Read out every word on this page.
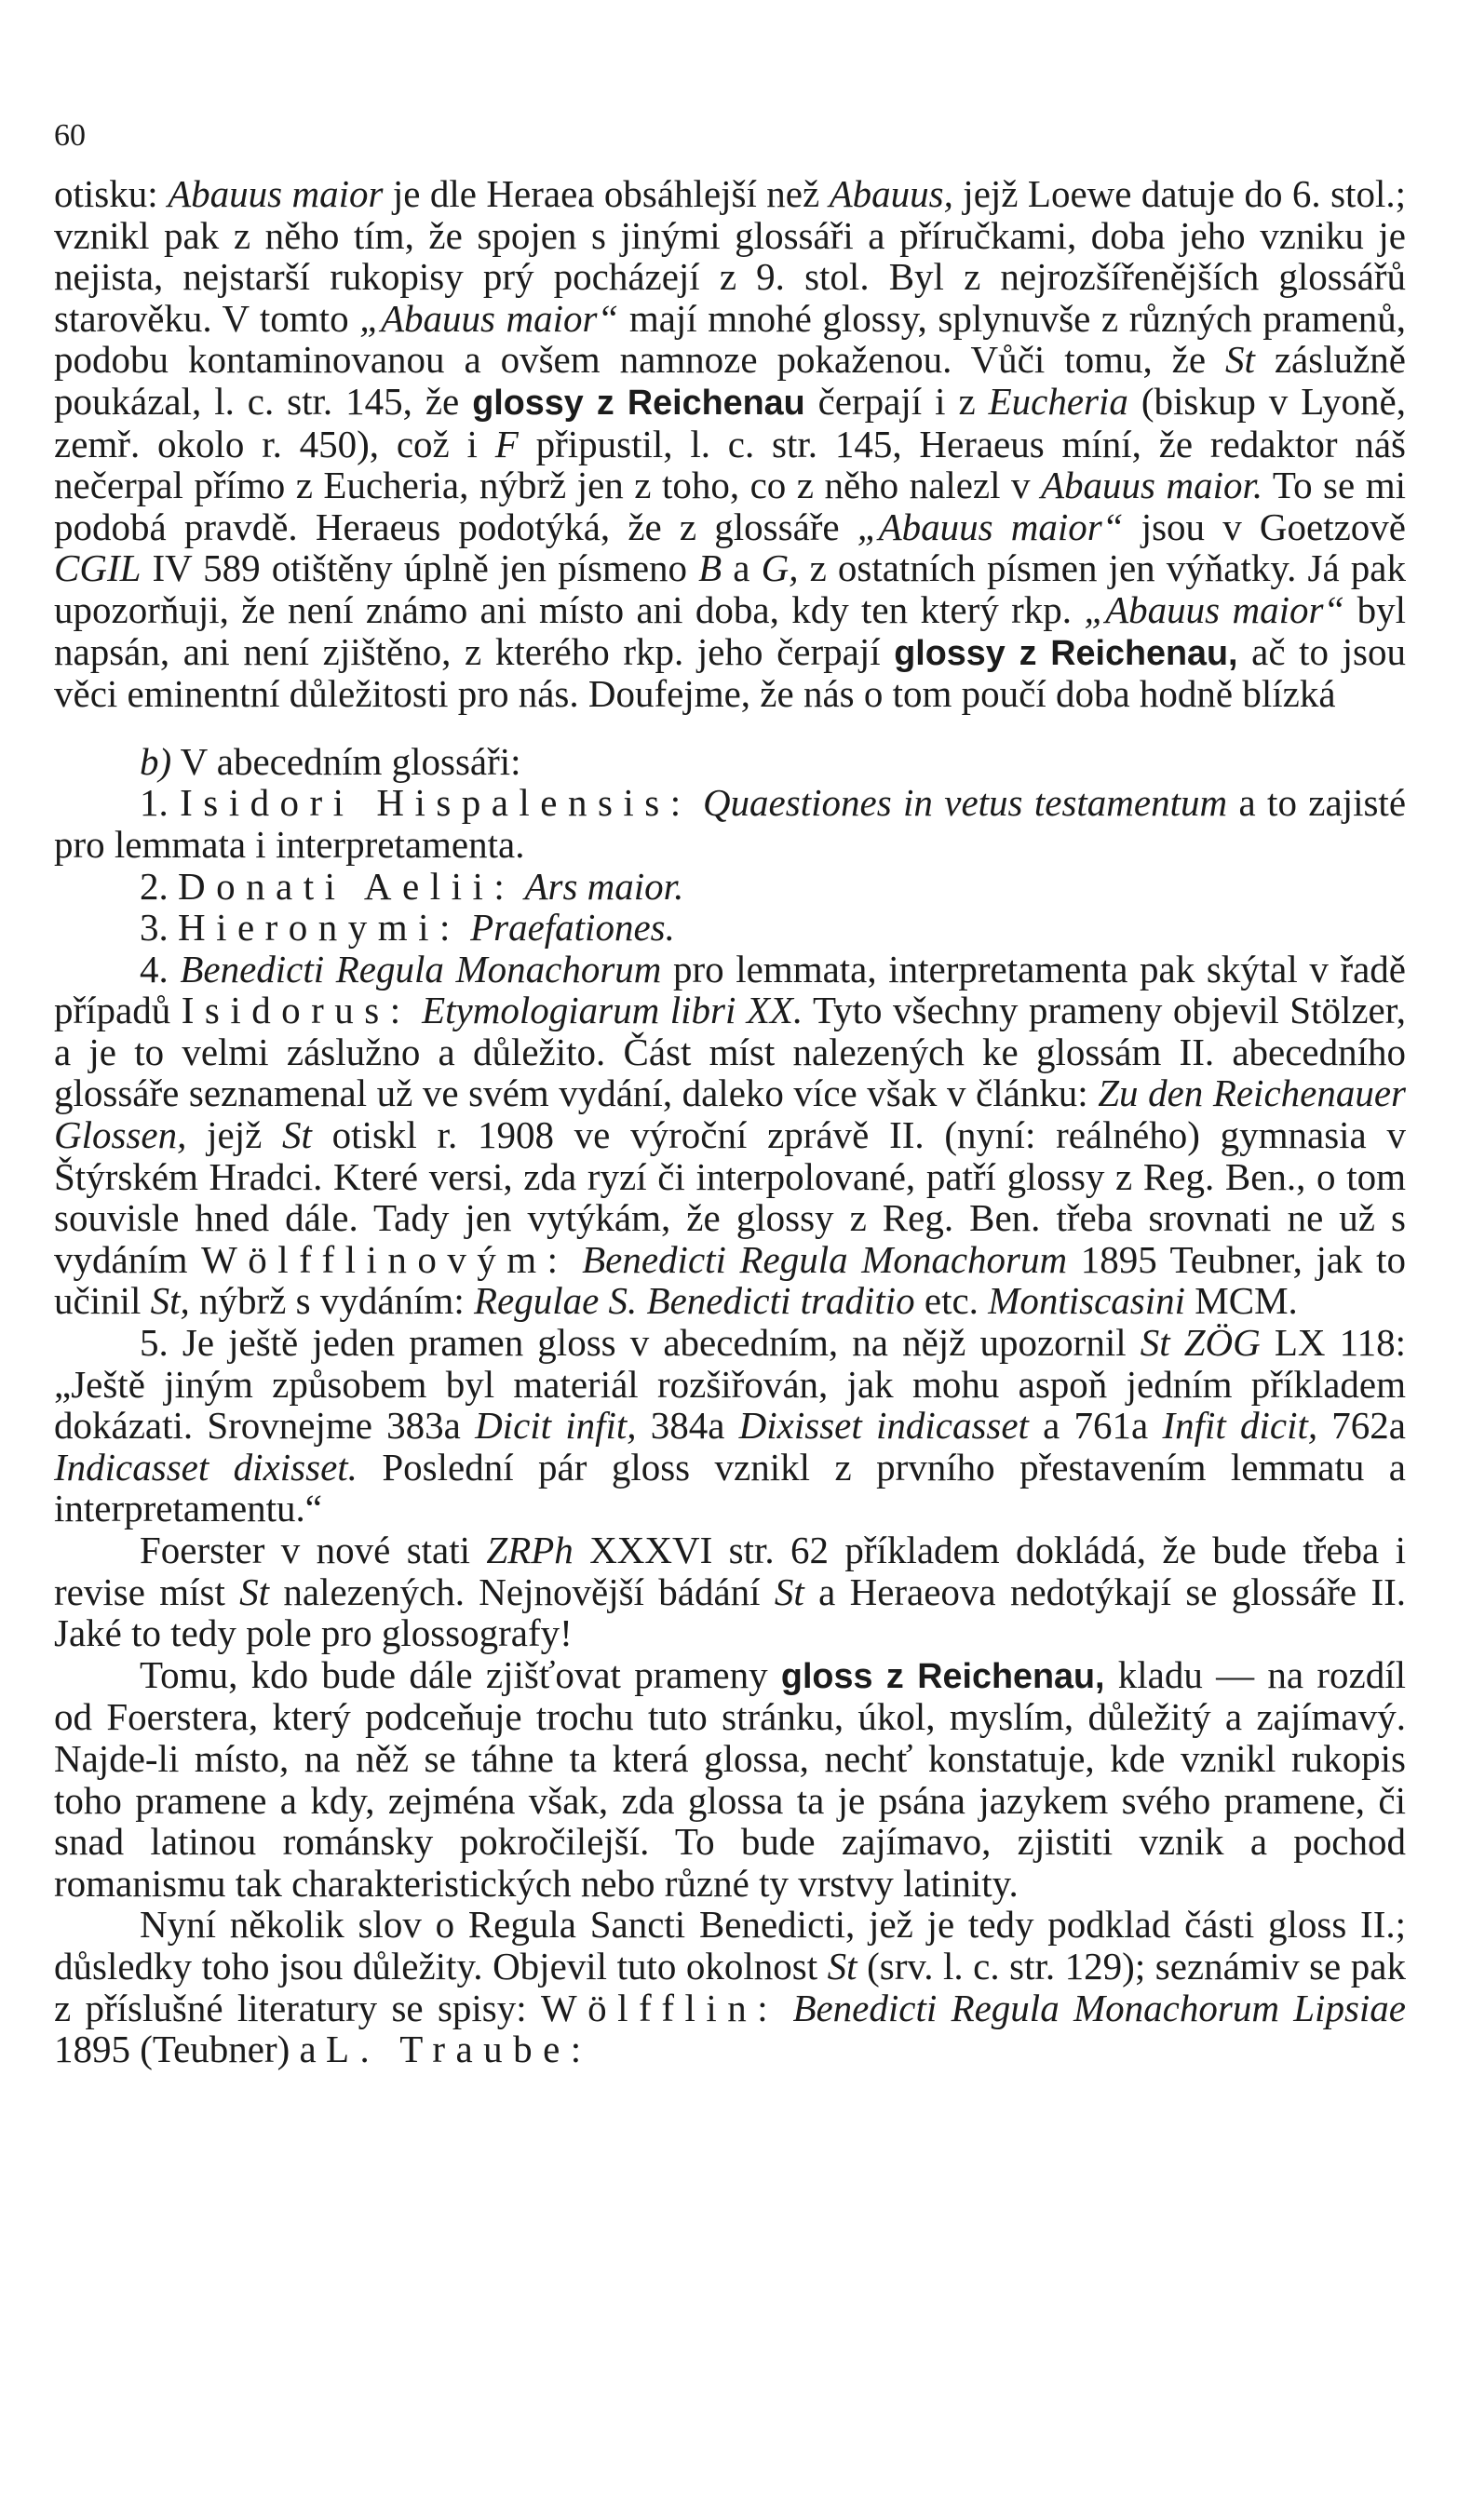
60

otisku: Abauus maior je dle Heraea obsáhlejší než Abauus, jejž Loewe datuje do 6. stol.; vznikl pak z něho tím, že spojen s jinými glossáři a příručkami, doba jeho vzniku je nejista, nejstarší rukopisy prý pocházejí z 9. stol. Byl z nejrozšířenějších glossářů starověku. V tomto „Abauus maior“ mají mnohé glossy, splynuvše z různých pramenů, podobu kontaminovanou a ovšem namnoze pokaženou. Vůči tomu, že St záslužně poukázal, l. c. str. 145, že glossy z Reichenau čerpají i z Eucheria (biskup v Lyoně, zemř. okolo r. 450), což i F připustil, l. c. str. 145, Heraeus míní, že redaktor náš nečerpal přímo z Eucheria, nýbrž jen z toho, co z něho nalezl v Abauus maior. To se mi podobá pravdě. Heraeus podotýká, že z glossáře „Abauus maior“ jsou v Goetzově CGIL IV 589 otištěny úplně jen písmeno B a G, z ostatních písmen jen výňatky. Já pak upozorňuji, že není známo ani místo ani doba, kdy ten který rkp. „Abauus maior“ byl napsán, ani není zjištěno, z kterého rkp. jeho čerpají glossy z Reichenau, ač to jsou věci eminentní důležitosti pro nás. Doufejme, že nás o tom poučí doba hodně blízká

b) V abecedním glossáři:

1. Isidori Hispalensis: Quaestiones in vetus testamentum a to zajisté pro lemmata i interpretamenta.

2. Donati Aelii: Ars maior.

3. Hieronymi: Praefationes.

4. Benedicti Regula Monachorum pro lemmata, interpretamenta pak skýtal v řadě případů Isidorus: Etymologiarum libri XX. Tyto všechny prameny objevil Stölzer, a je to velmi záslužno a důležito. Část míst nalezených ke glossám II. abecedního glossáře seznamenal už ve svém vydání, daleko více však v článku: Zu den Reichenauer Glossen, jejž St otiskl r. 1908 ve výroční zprávě II. (nyní: reálného) gymnasia v Štýrském Hradci. Které versi, zda ryzí či interpolované, patří glossy z Reg. Ben., o tom souvisle hned dále. Tady jen vytýkám, že glossy z Reg. Ben. třeba srovnati ne už s vydáním Wölfflinovým: Benedicti Regula Monachorum 1895 Teubner, jak to učinil St, nýbrž s vydáním: Regulae S. Benedicti traditio etc. Montiscasini MCM.

5. Je ještě jeden pramen gloss v abecedním, na nějž upozornil St ZÖG LX 118: „Ještě jiným způsobem byl materiál rozšiřován, jak mohu aspoň jedním příkladem dokázati. Srovnejme 383a Dicit infit, 384a Dixisset indicasset a 761a Infit dicit, 762a Indicasset dixisset. Poslední pár gloss vznikl z prvního přestavením lemmatu a interpretamentu.“

Foerster v nové stati ZRPh XXXVI str. 62 příkladem dokládá, že bude třeba i revise míst St nalezených. Nejnovější bádání St a Heraeova nedotýkají se glossáře II. Jaké to tedy pole pro glossografy!

Tomu, kdo bude dále zjišťovat prameny gloss z Reichenau, kladu — na rozdíl od Foerstera, který podceňuje trochu tuto stránku, úkol, myslím, důležitý a zajímavý. Najde-li místo, na něž se táhne ta která glossa, nechť konstatuje, kde vznikl rukopis toho pramene a kdy, zejména však, zda glossa ta je psána jazykem svého pramene, či snad latinou románsky pokročilejší. To bude zajímavo, zjistiti vznik a pochod romanismu tak charakteristických nebo různé ty vrstvy latinity.

Nyní několik slov o Regula Sancti Benedicti, jež je tedy podklad části gloss II.; důsledky toho jsou důležity. Objevil tuto okolnost St (srv. l. c. str. 129); seznámiv se pak z příslušné literatury se spisy: Wölfflin: Benedicti Regula Monachorum Lipsiae 1895 (Teubner) a L. Traube:
